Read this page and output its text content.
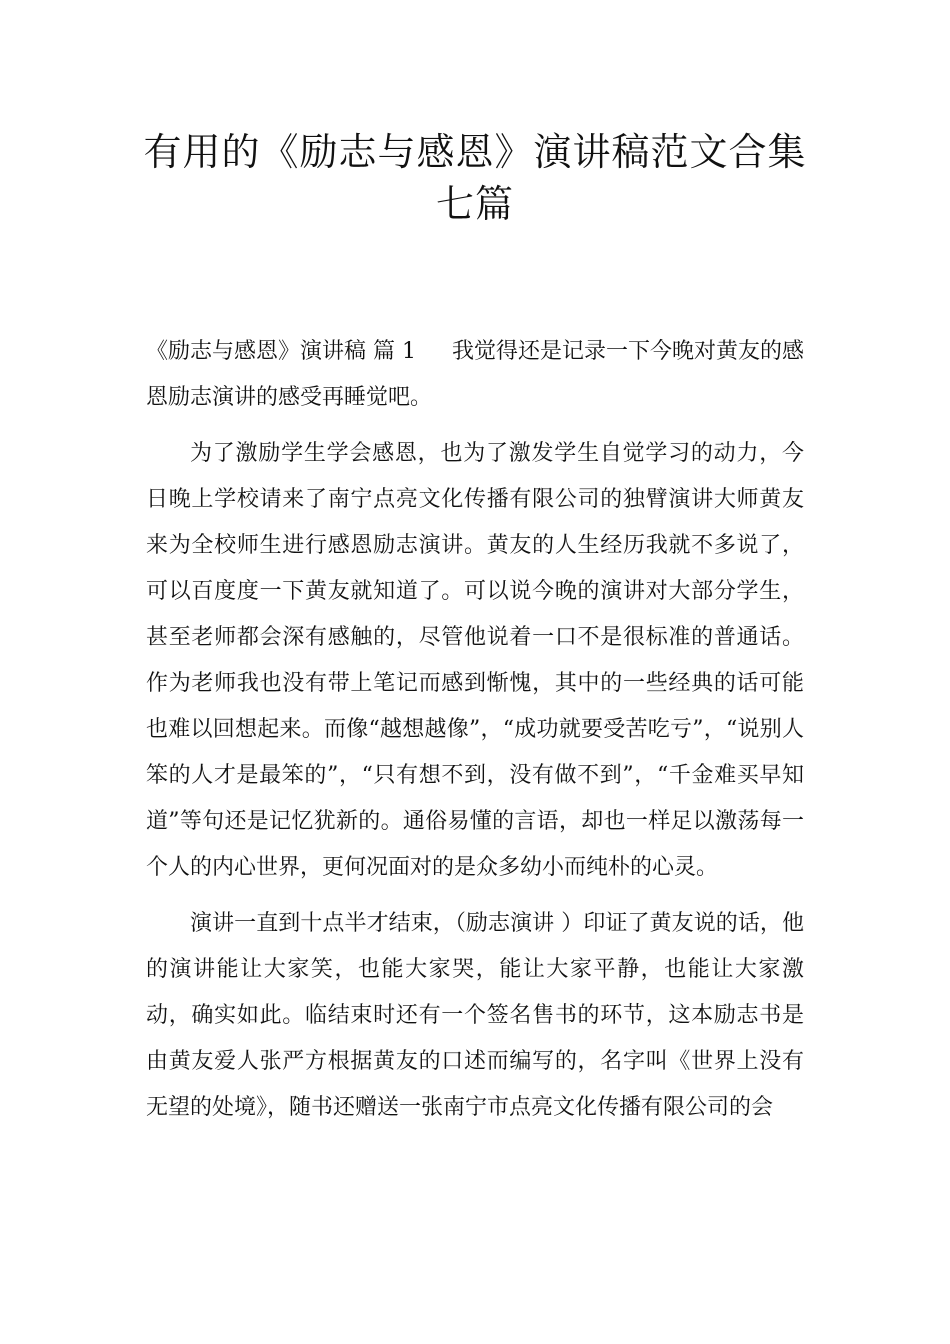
有用的《励志与感恩》演讲稿范文合集
七篇

《励志与感恩》演讲稿 篇 1 我觉得还是记录一下今晚对黄友的感恩励志演讲的感受再睡觉吧。

为了激励学生学会感恩，也为了激发学生自觉学习的动力，今日晚上学校请来了南宁点亮文化传播有限公司的独臂演讲大师黄友来为全校师生进行感恩励志演讲。黄友的人生经历我就不多说了，可以百度度一下黄友就知道了。可以说今晚的演讲对大部分学生，甚至老师都会深有感触的，尽管他说着一口不是很标准的普通话。作为老师我也没有带上笔记而感到惭愧，其中的一些经典的话可能也难以回想起来。而像“越想越像”，“成功就要受苦吃亏”，“说别人笨的人才是最笨的”，“只有想不到，没有做不到”，“千金难买早知道”等句还是记忆犹新的。通俗易懂的言语，却也一样足以激荡每一个人的内心世界，更何况面对的是众多幼小而纯朴的心灵。

演讲一直到十点半才结束，（励志演讲 ）印证了黄友说的话，他的演讲能让大家笑，也能大家哭，能让大家平静，也能让大家激动，确实如此。临结束时还有一个签名售书的环节，这本励志书是由黄友爱人张严方根据黄友的口述而编写的，名字叫《世界上没有无望的处境》，随书还赠送一张南宁市点亮文化传播有限公司的会
